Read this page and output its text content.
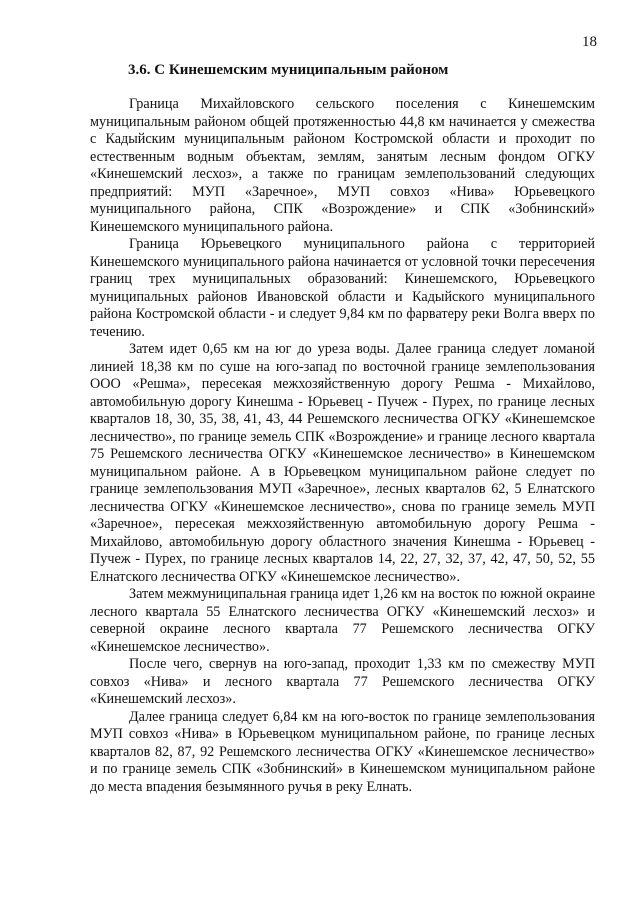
18
3.6. С Кинешемским муниципальным районом

Граница Михайловского сельского поселения с Кинешемским муниципальным районом общей протяженностью 44,8 км начинается у смежества с Кадыйским муниципальным районом Костромской области и проходит по естественным водным объектам, землям, занятым лесным фондом ОГКУ «Кинешемский лесхоз», а также по границам землепользований следующих предприятий: МУП «Заречное», МУП совхоз «Нива» Юрьевецкого муниципального района, СПК «Возрождение» и СПК «Зобнинский» Кинешемского муниципального района.

Граница Юрьевецкого муниципального района с территорией Кинешемского муниципального района начинается от условной точки пересечения границ трех муниципальных образований: Кинешемского, Юрьевецкого муниципальных районов Ивановской области и Кадыйского муниципального района Костромской области - и следует 9,84 км по фарватеру реки Волга вверх по течению.

Затем идет 0,65 км на юг до уреза воды. Далее граница следует ломаной линией 18,38 км по суше на юго-запад по восточной границе землепользования ООО «Решма», пересекая межхозяйственную дорогу Решма - Михайлово, автомобильную дорогу Кинешма - Юрьевец - Пучеж - Пурех, по границе лесных кварталов 18, 30, 35, 38, 41, 43, 44 Решемского лесничества ОГКУ «Кинешемское лесничество», по границе земель СПК «Возрождение» и границе лесного квартала 75 Решемского лесничества ОГКУ «Кинешемское лесничество» в Кинешемском муниципальном районе. А в Юрьевецком муниципальном районе следует по границе землепользования МУП «Заречное», лесных кварталов 62, 5 Елнатского лесничества ОГКУ «Кинешемское лесничество», снова по границе земель МУП «Заречное», пересекая межхозяйственную автомобильную дорогу Решма - Михайлово, автомобильную дорогу областного значения Кинешма - Юрьевец - Пучеж - Пурех, по границе лесных кварталов 14, 22, 27, 32, 37, 42, 47, 50, 52, 55 Елнатского лесничества ОГКУ «Кинешемское лесничество».

Затем межмуниципальная граница идет 1,26 км на восток по южной окраине лесного квартала 55 Елнатского лесничества ОГКУ «Кинешемский лесхоз» и северной окраине лесного квартала 77 Решемского лесничества ОГКУ «Кинешемское лесничество».

После чего, свернув на юго-запад, проходит 1,33 км по смежеству МУП совхоз «Нива» и лесного квартала 77 Решемского лесничества ОГКУ «Кинешемский лесхоз».

Далее граница следует 6,84 км на юго-восток по границе землепользования МУП совхоз «Нива» в Юрьевецком муниципальном районе, по границе лесных кварталов 82, 87, 92 Решемского лесничества ОГКУ «Кинешемское лесничество» и по границе земель СПК «Зобнинский» в Кинешемском муниципальном районе до места впадения безымянного ручья в реку Елнать.
